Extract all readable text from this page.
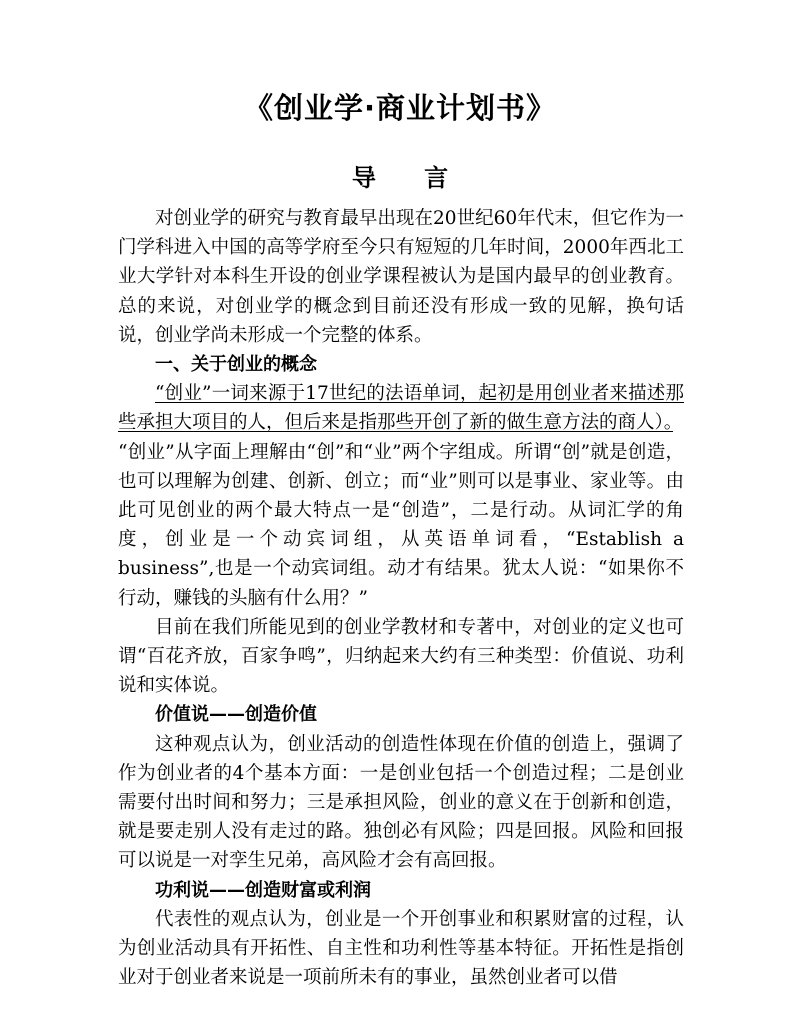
《创业学·商业计划书》
导 言

对创业学的研究与教育最早出现在20世纪60年代末，但它作为一门学科进入中国的高等学府至今只有短短的几年时间，2000年西北工业大学针对本科生开设的创业学课程被认为是国内最早的创业教育。总的来说，对创业学的概念到目前还没有形成一致的见解，换句话说，创业学尚未形成一个完整的体系。

一、关于创业的概念

“创业”一词来源于17世纪的法语单词，起初是用创业者来描述那些承担大项目的人，但后来是指那些开创了新的做生意方法的商人）。　 “创业”从字面上理解由“创”和“业”两个字组成。所谓“创”就是创造，也可以理解为创建、创新、创立；而“业”则可以是事业、家业等。由此可见创业的两个最大特点一是“创造”，二是行动。从词汇学的角度，创业是一个动宾词组，从英语单词看，“Establish a business”,也是一个动宾词组。动才有结果。犹太人说：“如果你不行动，赚钱的头脑有什么用？”

目前在我们所能见到的创业学教材和专著中，对创业的定义也可谓“百花齐放，百家争鸣”，归纳起来大约有三种类型：价值说、功利说和实体说。

价值说——创造价值

这种观点认为，创业活动的创造性体现在价值的创造上，强调了作为创业者的4个基本方面：一是创业包括一个创造过程；二是创业需要付出时间和努力；三是承担风险，创业的意义在于创新和创造，就是要走别人没有走过的路。独创必有风险；四是回报。风险和回报可以说是一对孪生兄弟，高风险才会有高回报。

功利说——创造财富或利润

代表性的观点认为，创业是一个开创事业和积累财富的过程，认为创业活动具有开拓性、自主性和功利性等基本特征。开拓性是指创业对于创业者来说是一项前所未有的事业，虽然创业者可以借
